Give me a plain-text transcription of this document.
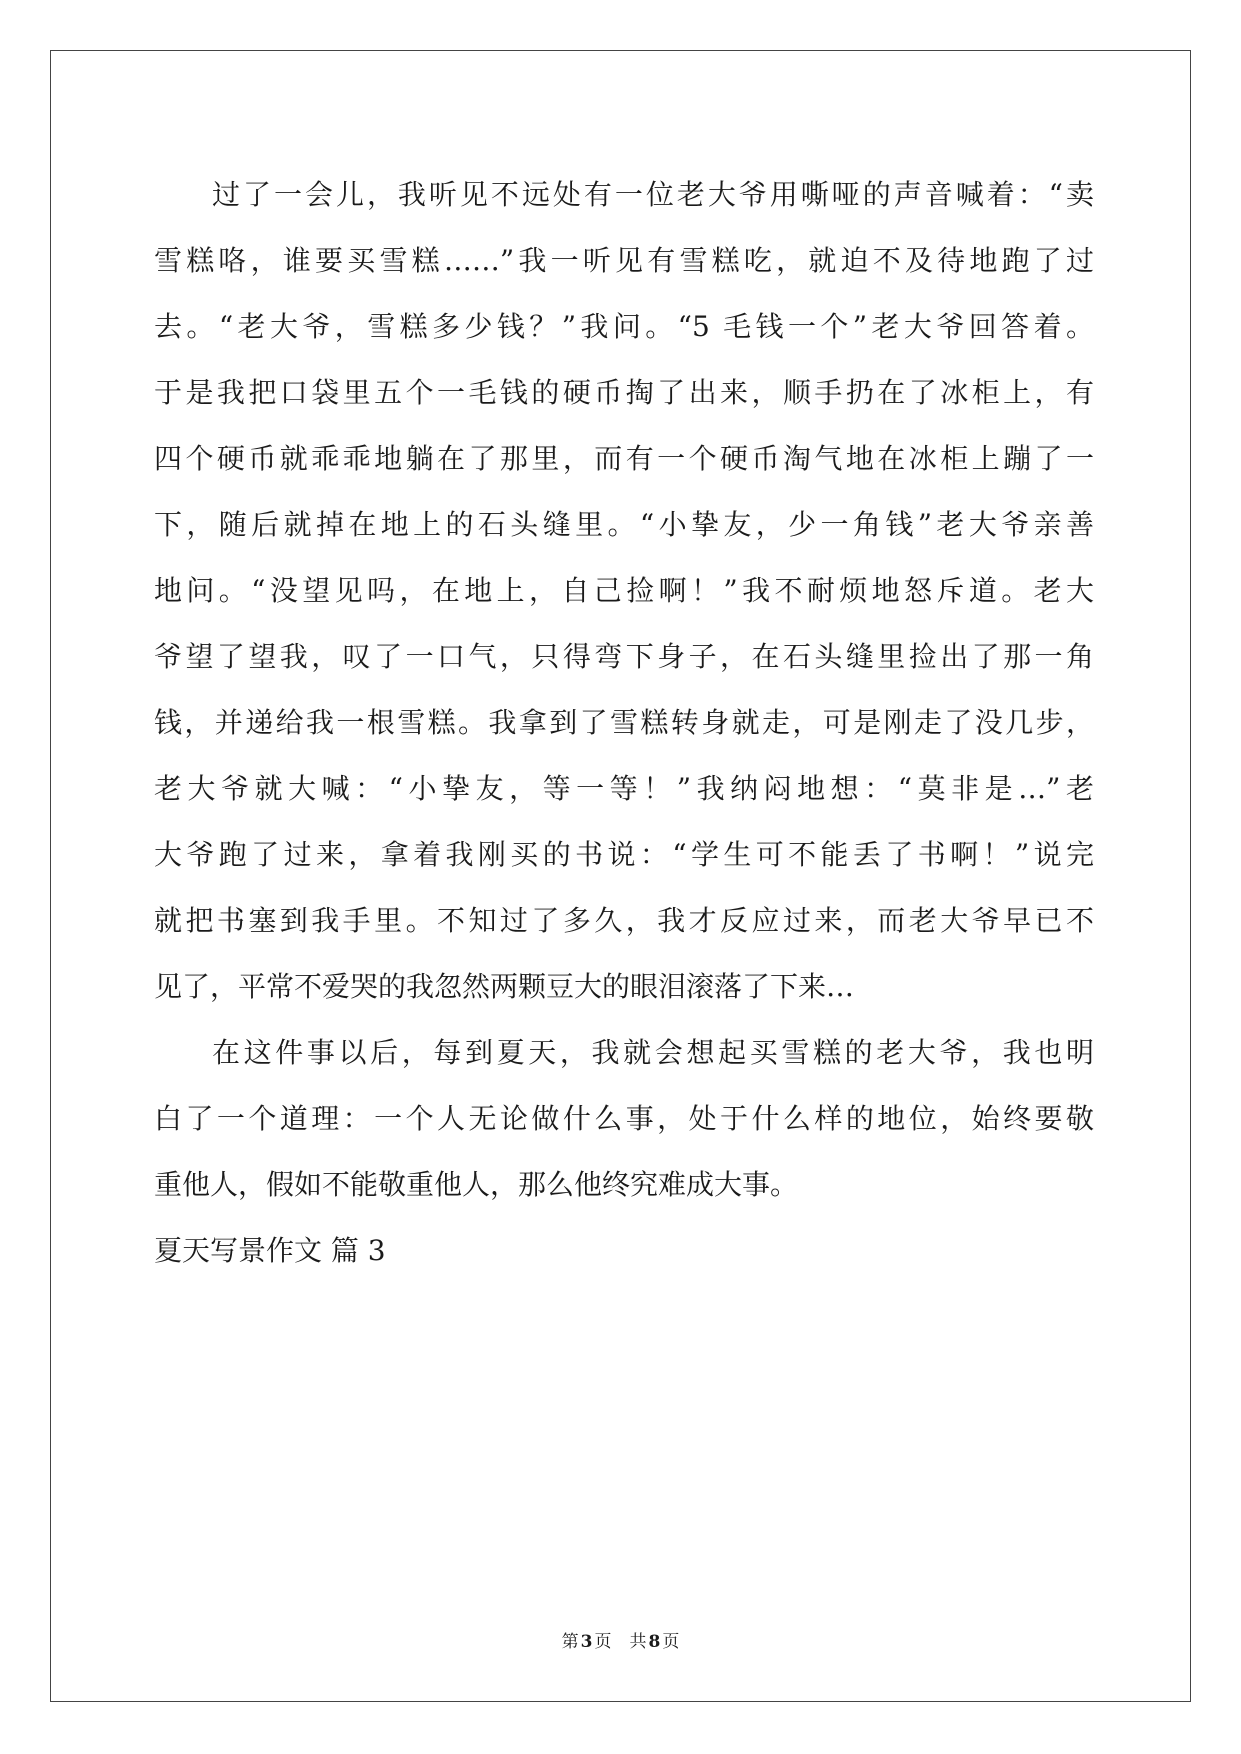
过了一会儿，我听见不远处有一位老大爷用嘶哑的声音喊着：“卖
雪糕咯，谁要买雪糕……”我一听见有雪糕吃，就迫不及待地跑了过
去。“老大爷，雪糕多少钱？”我问。“5 毛钱一个”老大爷回答着。
于是我把口袋里五个一毛钱的硬币掏了出来，顺手扔在了冰柜上，有
四个硬币就乖乖地躺在了那里，而有一个硬币淘气地在冰柜上蹦了一
下，随后就掉在地上的石头缝里。“小挚友，少一角钱”老大爷亲善
地问。“没望见吗，在地上，自己捡啊！”我不耐烦地怒斥道。老大
爷望了望我，叹了一口气，只得弯下身子，在石头缝里捡出了那一角
钱，并递给我一根雪糕。我拿到了雪糕转身就走，可是刚走了没几步，
老大爷就大喊：“小挚友，等一等！”我纳闷地想：“莫非是…”老
大爷跑了过来，拿着我刚买的书说：“学生可不能丢了书啊！”说完
就把书塞到我手里。不知过了多久，我才反应过来，而老大爷早已不
见了，平常不爱哭的我忽然两颗豆大的眼泪滚落了下来…
在这件事以后，每到夏天，我就会想起买雪糕的老大爷，我也明
白了一个道理：一个人无论做什么事，处于什么样的地位，始终要敬
重他人，假如不能敬重他人，那么他终究难成大事。
夏天写景作文 篇 3
第 3 页 共 8 页
